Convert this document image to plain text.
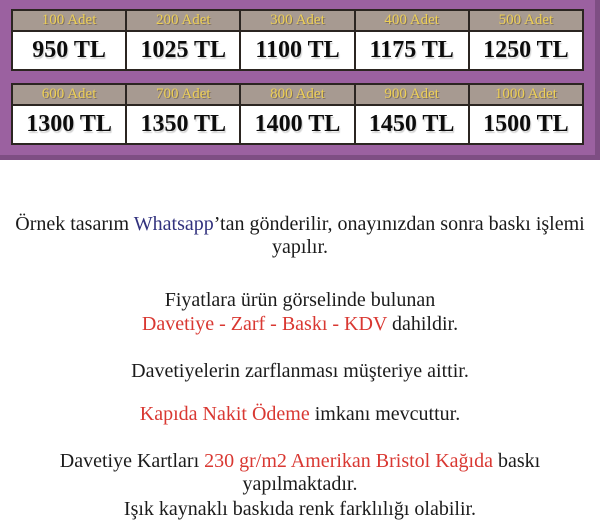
100 Adet	200 Adet	300 Adet	400 Adet	500 Adet
950 TL	1025 TL	1100 TL	1175 TL	1250 TL
600 Adet	700 Adet	800 Adet	900 Adet	1000 Adet
1300 TL	1350 TL	1400 TL	1450 TL	1500 TL

Örnek tasarım Whatsapp’tan gönderilir, onayınızdan sonra baskı işlemi yapılır.

Fiyatlara ürün görselinde bulunan

Davetiye - Zarf - Baskı - KDV dahildir.

Davetiyelerin zarflanması müşteriye aittir.

Kapıda Nakit Ödeme imkanı mevcuttur.

Davetiye Kartları 230 gr/m2 Amerikan Bristol Kağıda baskı yapılmaktadır.

Işık kaynaklı baskıda renk farklılığı olabilir.
